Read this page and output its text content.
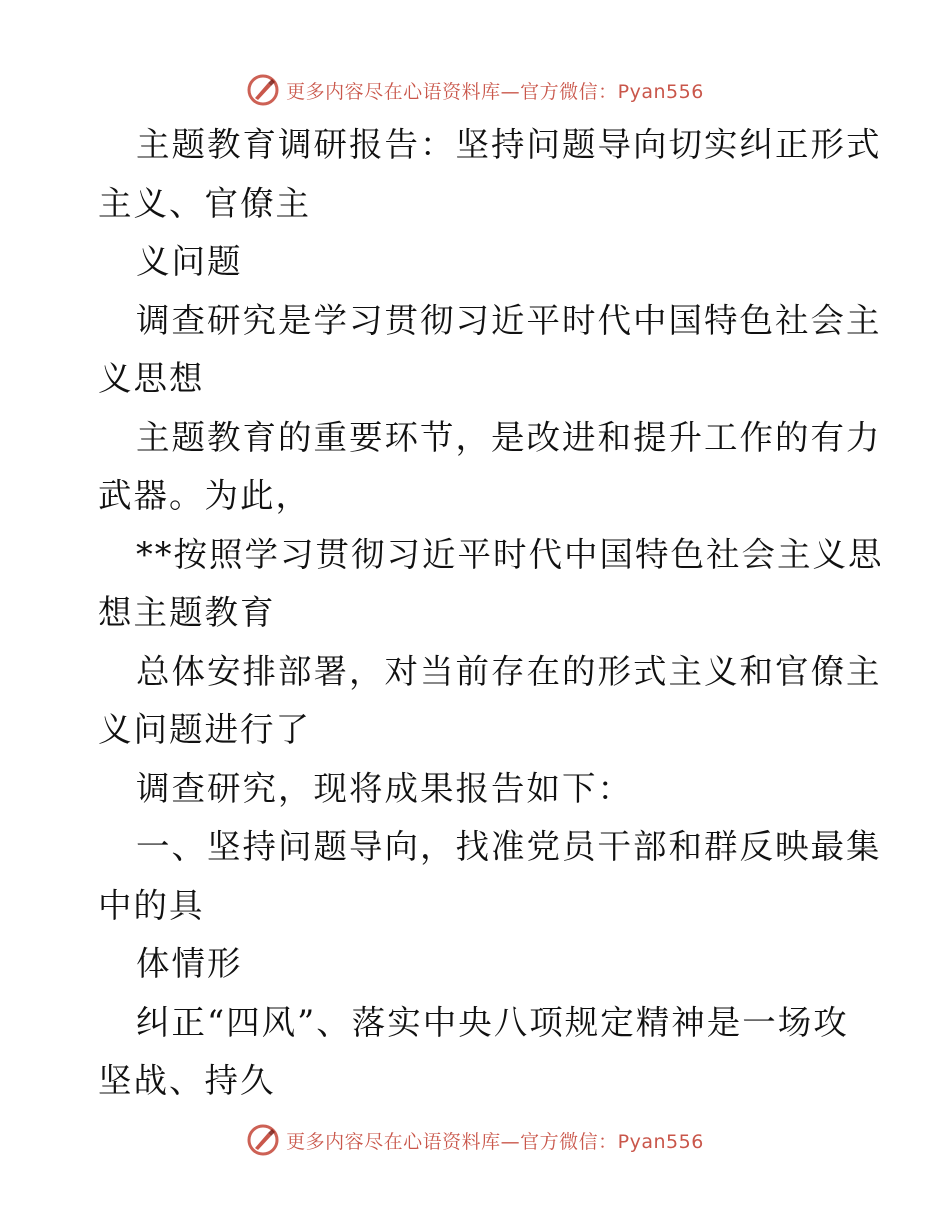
更多内容尽在心语资料库—官方微信：Pyan556
主题教育调研报告：坚持问题导向切实纠正形式
主义、官僚主
义问题
调查研究是学习贯彻习近平时代中国特色社会主
义思想
主题教育的重要环节，是改进和提升工作的有力
武器。为此，
**按照学习贯彻习近平时代中国特色社会主义思
想主题教育
总体安排部署，对当前存在的形式主义和官僚主
义问题进行了
调查研究，现将成果报告如下：
一、坚持问题导向，找准党员干部和群反映最集
中的具
体情形
纠正“四风”、落实中央八项规定精神是一场攻
坚战、持久
更多内容尽在心语资料库—官方微信：Pyan556
